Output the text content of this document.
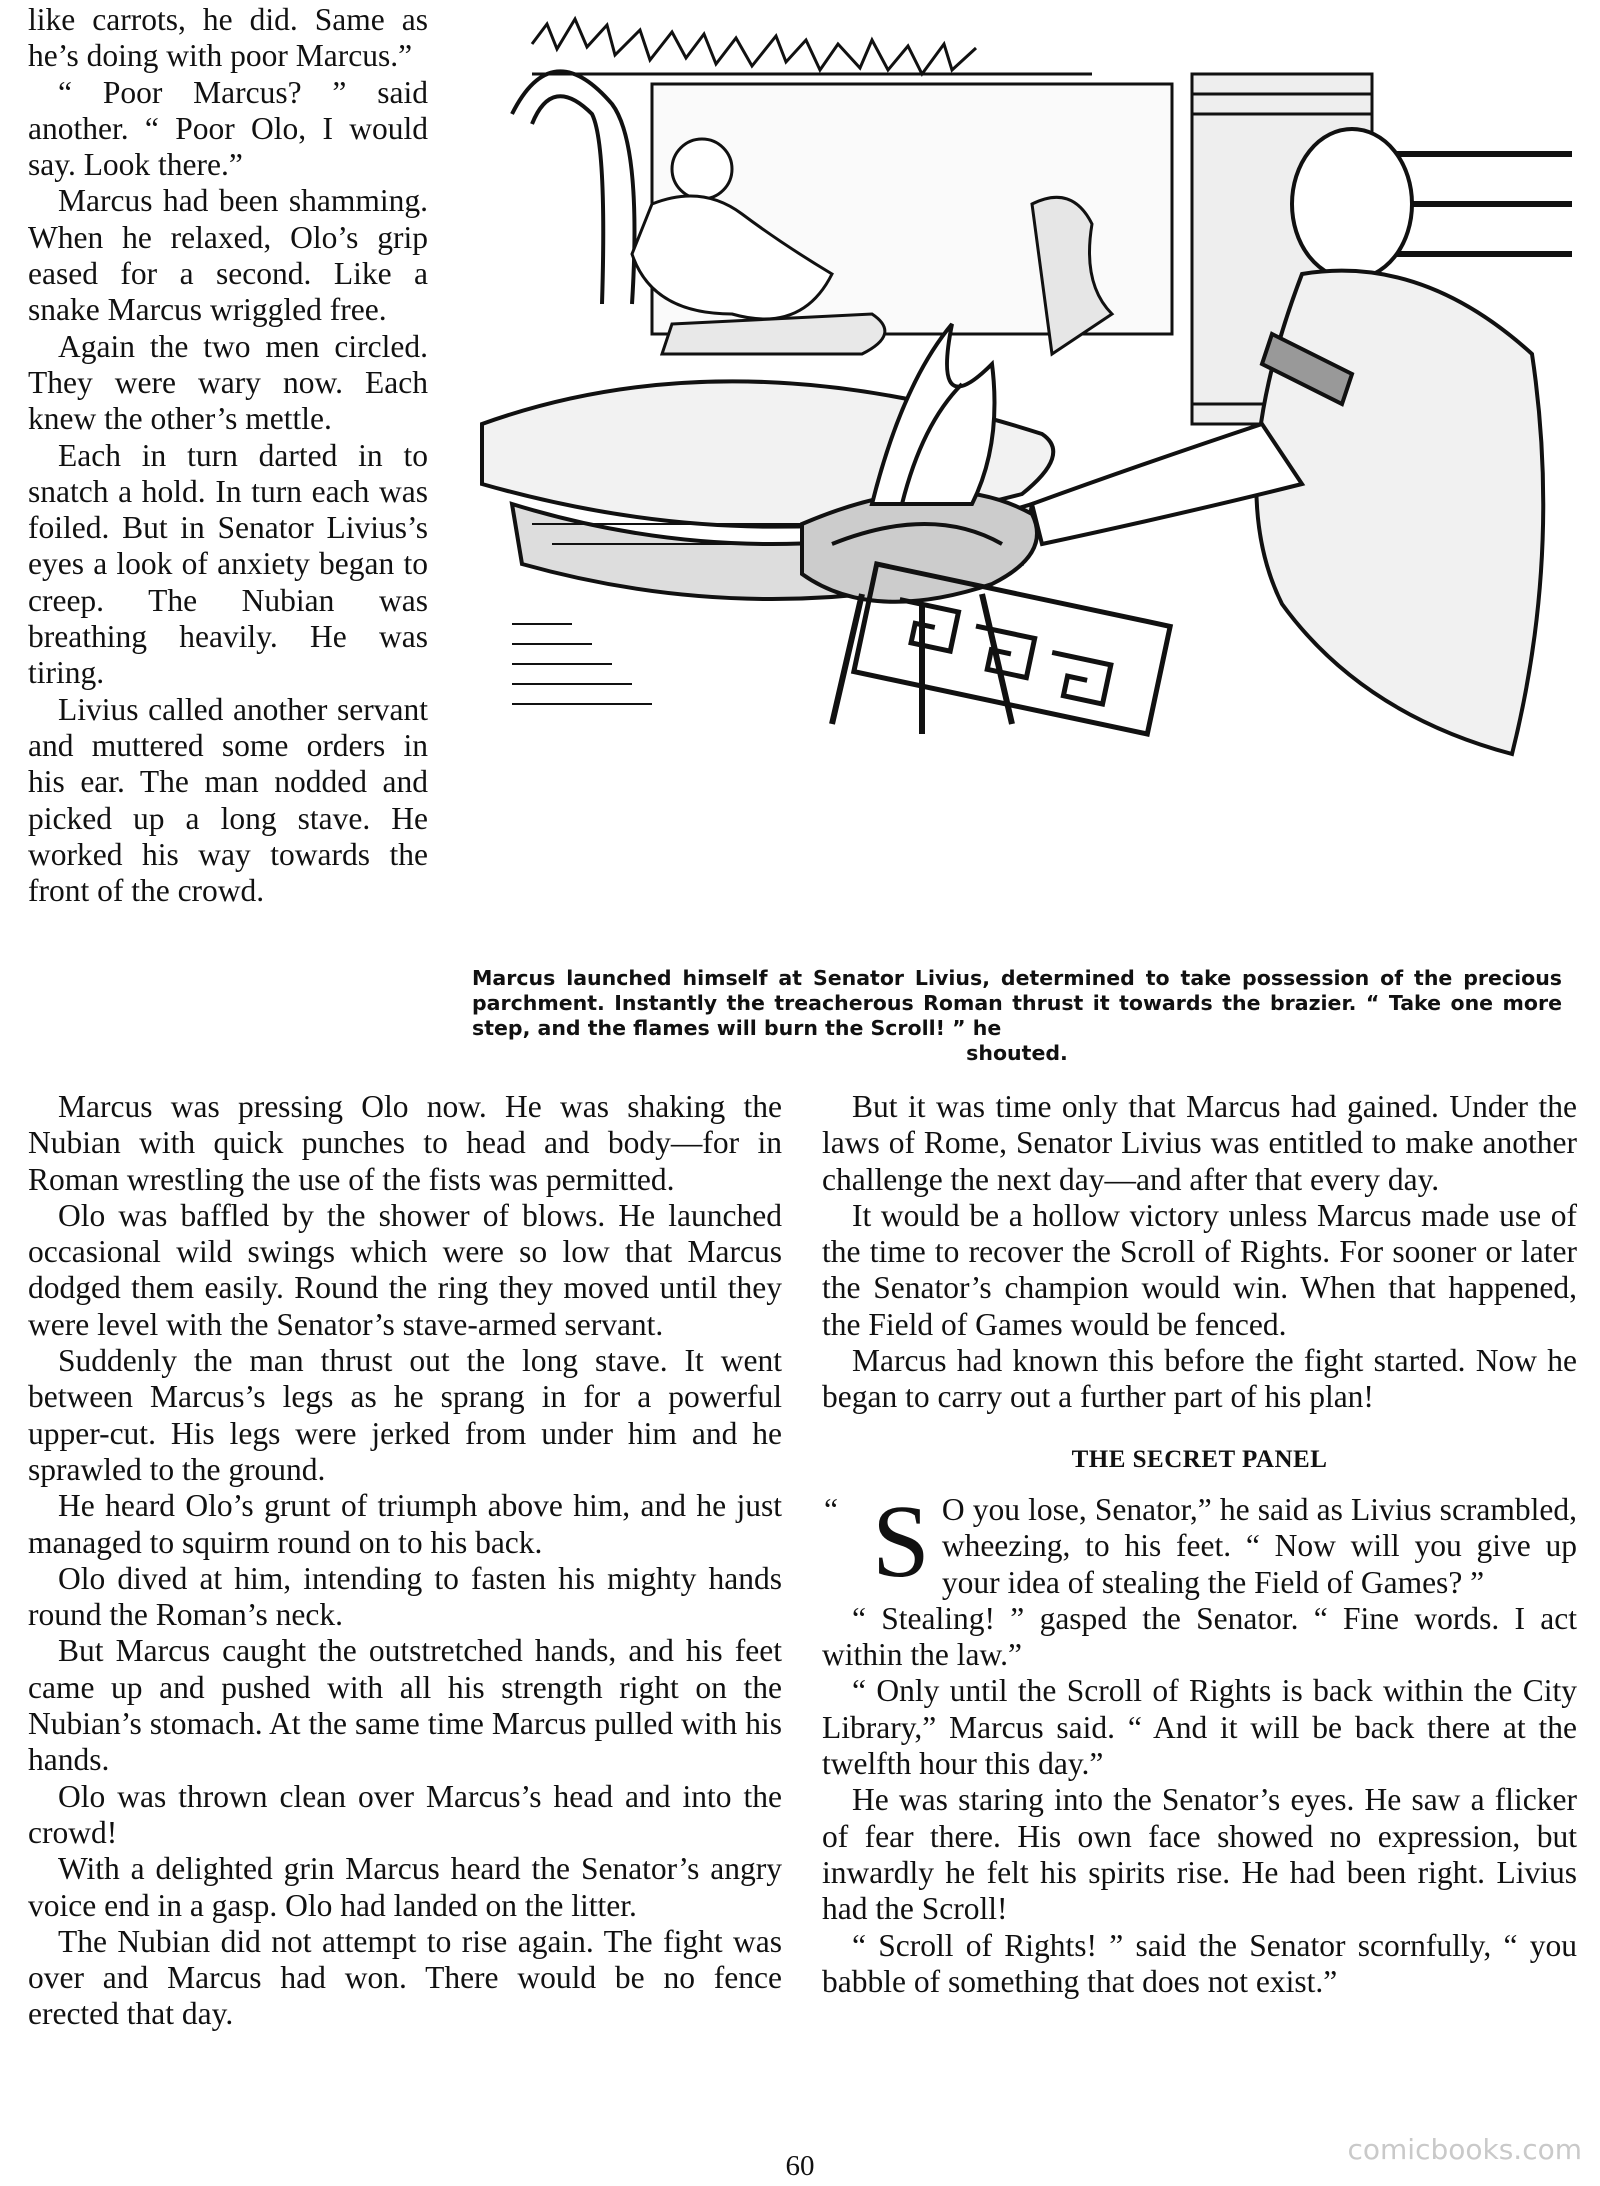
like carrots, he did. Same as he’s doing with poor Marcus.”

“ Poor Marcus? ” said another. “ Poor Olo, I would say. Look there.”

Marcus had been shamming. When he relaxed, Olo’s grip eased for a second. Like a snake Marcus wriggled free.

Again the two men circled. They were wary now. Each knew the other’s mettle.

Each in turn darted in to snatch a hold. In turn each was foiled. But in Senator Livius’s eyes a look of anxiety began to creep. The Nubian was breathing heavily. He was tiring.

Livius called another servant and muttered some orders in his ear. The man nodded and picked up a long stave. He worked his way towards the front of the crowd.

Marcus launched himself at Senator Livius, determined to take possession of the precious parchment. Instantly the treacherous Roman thrust it towards the brazier. “ Take one more step, and the flames will burn the Scroll! ” he
shouted.

Marcus was pressing Olo now. He was shaking the Nubian with quick punches to head and body—for in Roman wrestling the use of the fists was permitted.

Olo was baffled by the shower of blows. He launched occasional wild swings which were so low that Marcus dodged them easily. Round the ring they moved until they were level with the Senator’s stave-armed servant.

Suddenly the man thrust out the long stave. It went between Marcus’s legs as he sprang in for a powerful upper-cut. His legs were jerked from under him and he sprawled to the ground.

He heard Olo’s grunt of triumph above him, and he just managed to squirm round on to his back.

Olo dived at him, intending to fasten his mighty hands round the Roman’s neck.

But Marcus caught the outstretched hands, and his feet came up and pushed with all his strength right on the Nubian’s stomach. At the same time Marcus pulled with his hands.

Olo was thrown clean over Marcus’s head and into the crowd!

With a delighted grin Marcus heard the Senator’s angry voice end in a gasp. Olo had landed on the litter.

The Nubian did not attempt to rise again. The fight was over and Marcus had won. There would be no fence erected that day.

But it was time only that Marcus had gained. Under the laws of Rome, Senator Livius was entitled to make another challenge the next day—and after that every day.

It would be a hollow victory unless Marcus made use of the time to recover the Scroll of Rights. For sooner or later the Senator’s champion would win. When that happened, the Field of Games would be fenced.

Marcus had known this before the fight started. Now he began to carry out a further part of his plan!

THE SECRET PANEL

“ S O you lose, Senator,” he said as Livius scrambled, wheezing, to his feet. “ Now will you give up your idea of stealing the Field of Games? ”

“ Stealing! ” gasped the Senator. “ Fine words. I act within the law.”

“ Only until the Scroll of Rights is back within the City Library,” Marcus said. “ And it will be back there at the twelfth hour this day.”

He was staring into the Senator’s eyes. He saw a flicker of fear there. His own face showed no expression, but inwardly he felt his spirits rise. He had been right. Livius had the Scroll!

“ Scroll of Rights! ” said the Senator scornfully, “ you babble of something that does not exist.”

comicbooks.com
60
